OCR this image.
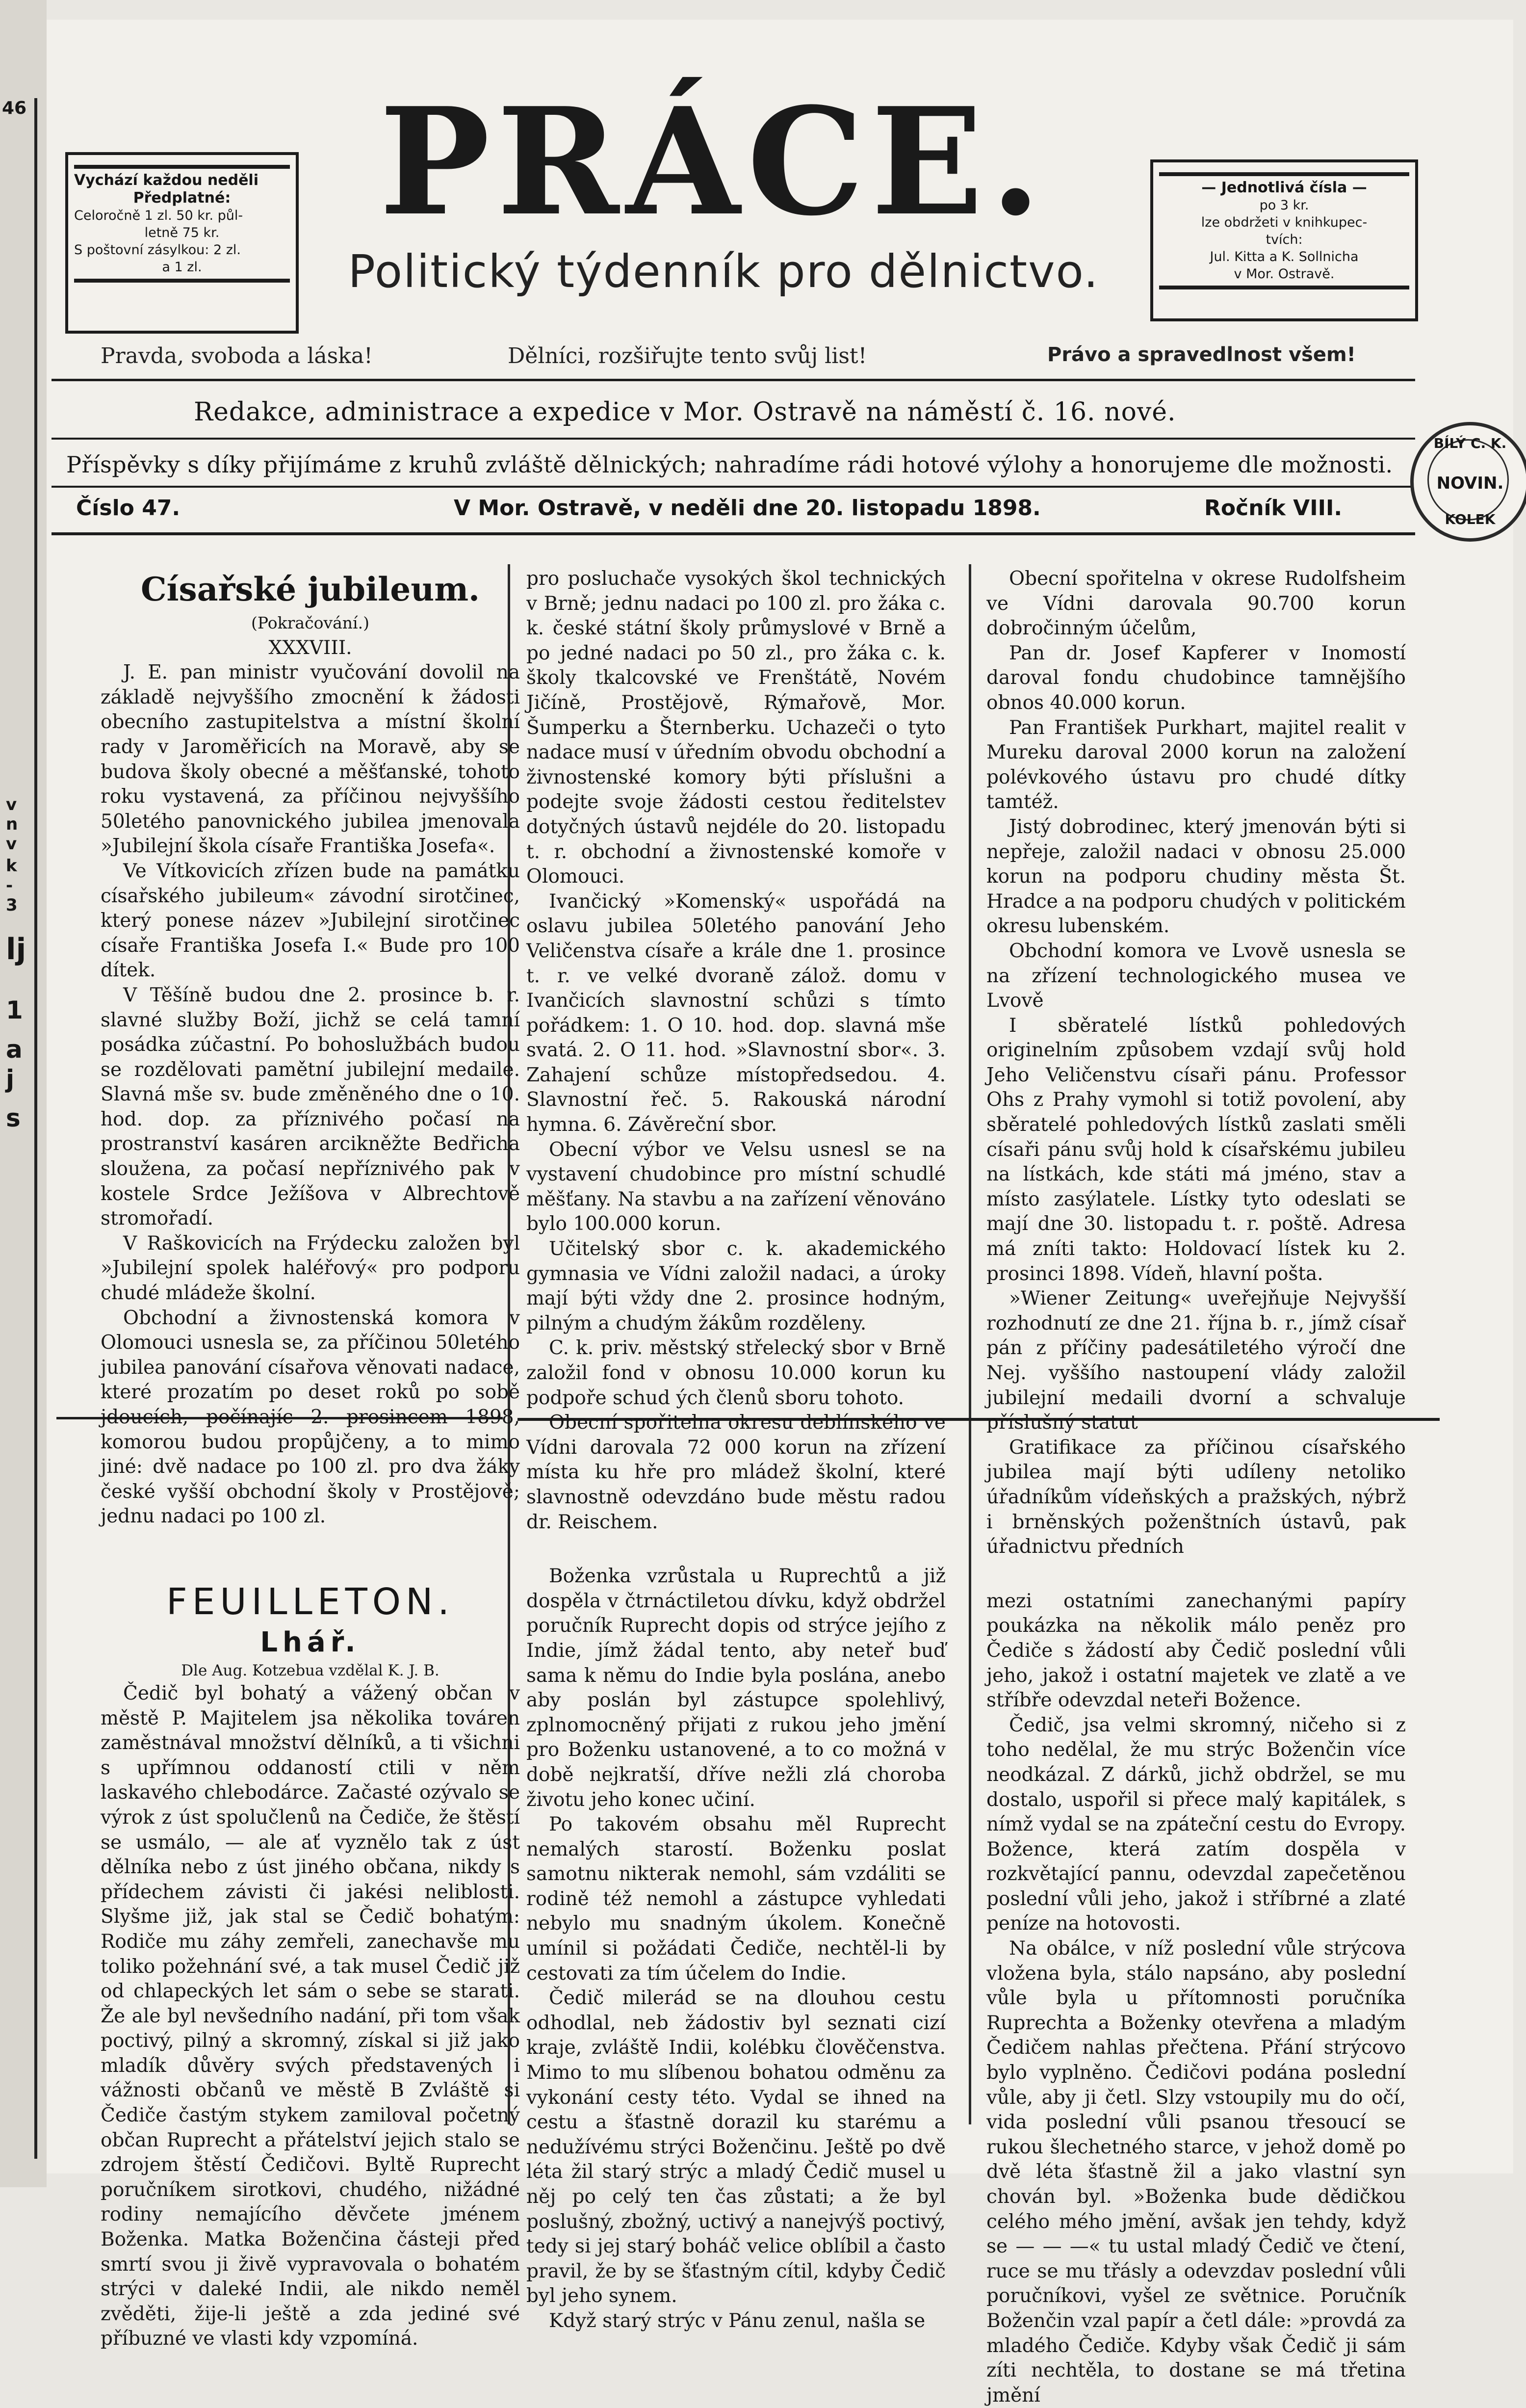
46
v
n
v
k
-
3
lj
1
a
j
s
PRÁCE.
Politický týdenník pro dělnictvo.
Vychází každou neděli
Předplatné:
Celoročně 1 zl. 50 kr. půl-
letně 75 kr.
S poštovní zásylkou: 2 zl.
a 1 zl.
— Jednotlivá čísla —
po 3 kr.
lze obdržeti v knihkupec-
tvích:
Jul. Kitta a K. Sollnicha
v Mor. Ostravě.
Pravda, svoboda a láska!	Dělníci, rozšiřujte tento svůj list!	Právo a spravedlnost všem!
Redakce, administrace a expedice v Mor. Ostravě na náměstí č. 16. nové.
Příspěvky s díky přijímáme z kruhů zvláště dělnických; nahradíme rádi hotové výlohy a honorujeme dle možnosti.
Číslo 47.	V Mor. Ostravě, v neděli dne 20. listopadu 1898.	Ročník VIII.
BÍLÝ C. K.
NOVIN.
KOLEK
Císařské jubileum.

(Pokračování.)

XXXVIII.

J. E. pan ministr vyučování dovolil na základě nejvyššího zmocnění k žádosti obecního zastupitelstva a místní školní rady v Jaroměřicích na Moravě, aby se budova školy obecné a měšťanské, tohoto roku vystavená, za příčinou nejvyššího 50letého panovnického jubilea jmenovala »Jubilejní škola císaře Františka Josefa«.

Ve Vítkovicích zřízen bude na památku císařského jubileum« závodní sirotčinec, který ponese název »Jubilejní sirotčinec císaře Františka Josefa I.« Bude pro 100 dítek.

V Těšíně budou dne 2. prosince b. r. slavné služby Boží, jichž se celá tamní posádka zúčastní. Po bohoslužbách budou se rozdělovati pamětní jubilejní medaile. Slavná mše sv. bude změněného dne o 10. hod. dop. za příznivého počasí na prostranství kasáren arcikněžte Bedřicha sloužena, za počasí nepříznivého pak v kostele Srdce Ježíšova v Albrechtově stromořadí.

V Raškovicích na Frýdecku založen byl »Jubilejní spolek haléřový« pro podporu chudé mládeže školní.

Obchodní a živnostenská komora v Olomouci usnesla se, za příčinou 50letého jubilea panování císařova věnovati nadace, které prozatím po deset roků po sobě jdoucích, počínajíc 2. prosincem 1898, komorou budou propůjčeny, a to mimo jiné: dvě nadace po 100 zl. pro dva žáky české vyšší obchodní školy v Prostějově; jednu nadaci po 100 zl.

FEUILLETON.
Lhář.
Dle Aug. Kotzebua vzdělal K. J. B.

Čedič byl bohatý a vážený občan v městě P. Majitelem jsa několika továren zaměstnával množství dělníků, a ti všichni s upřímnou oddaností ctili v něm laskavého chlebodárce. Začasté ozývalo se výrok z úst spolučlenů na Čediče, že štěstí se usmálo, — ale ať vyznělo tak z úst dělníka nebo z úst jiného občana, nikdy s přídechem závisti či jakési neliblosti. Slyšme již, jak stal se Čedič bohatým: Rodiče mu záhy zemřeli, zanechavše mu toliko požehnání své, a tak musel Čedič již od chlapeckých let sám o sebe se starati. Že ale byl nevšedního nadání, při tom však poctivý, pilný a skromný, získal si již jako mladík důvěry svých představených i vážnosti občanů ve městě B Zvláště si Čediče častým stykem zamiloval početný občan Ruprecht a přátelství jejich stalo se zdrojem štěstí Čedičovi. Byltě Ruprecht poručníkem sirotkovi, chudého, nižádné rodiny nemajícího děvčete jménem Boženka. Matka Boženčina částeji před smrtí svou ji živě vypravovala o bohatém strýci v daleké Indii, ale nikdo neměl zvěděti, žije-li ještě a zda jediné své příbuzné ve vlasti kdy vzpomíná.

pro posluchače vysokých škol technických v Brně; jednu nadaci po 100 zl. pro žáka c. k. české státní školy průmyslové v Brně a po jedné nadaci po 50 zl., pro žáka c. k. školy tkalcovské ve Frenštátě, Novém Jičíně, Prostějově, Rýmařově, Mor. Šumperku a Šternberku. Uchazeči o tyto nadace musí v úředním obvodu obchodní a živnostenské komory býti příslušni a podejte svoje žádosti cestou ředitelstev dotyčných ústavů nejdéle do 20. listopadu t. r. obchodní a živnostenské komoře v Olomouci.

Ivančický »Komenský« uspořádá na oslavu jubilea 50letého panování Jeho Veličenstva císaře a krále dne 1. prosince t. r. ve velké dvoraně zálož. domu v Ivančicích slavnostní schůzi s tímto pořádkem: 1. O 10. hod. dop. slavná mše svatá. 2. O 11. hod. »Slavnostní sbor«. 3. Zahajení schůze místopředsedou. 4. Slavnostní řeč. 5. Rakouská národní hymna. 6. Závěreční sbor.

Obecní výbor ve Velsu usnesl se na vystavení chudobince pro místní schudlé měšťany. Na stavbu a na zařízení věnováno bylo 100.000 korun.

Učitelský sbor c. k. akademického gymnasia ve Vídni založil nadaci, a úroky mají býti vždy dne 2. prosince hodným, pilným a chudým žákům rozděleny.

C. k. priv. městský střelecký sbor v Brně založil fond v obnosu 10.000 korun ku podpoře schud ých členů sboru tohoto.

Obecní spořitelna okresu deblínského ve Vídni darovala 72 000 korun na zřízení místa ku hře pro mládež školní, které slavnostně odevzdáno bude městu radou dr. Reischem.

Boženka vzrůstala u Ruprechtů a již dospěla v čtrnáctiletou dívku, když obdržel poručník Ruprecht dopis od strýce jejího z Indie, jímž žádal tento, aby neteř buď sama k němu do Indie byla poslána, anebo aby poslán byl zástupce spolehlivý, zplnomocněný přijati z rukou jeho jmění pro Boženku ustanovené, a to co možná v době nejkratší, dříve nežli zlá choroba životu jeho konec učiní.

Po takovém obsahu měl Ruprecht nemalých starostí. Boženku poslat samotnu nikterak nemohl, sám vzdáliti se rodině též nemohl a zástupce vyhledati nebylo mu snadným úkolem. Konečně umínil si požádati Čediče, nechtěl-li by cestovati za tím účelem do Indie.

Čedič milerád se na dlouhou cestu odhodlal, neb žádostiv byl seznati cizí kraje, zvláště Indii, kolébku člověčenstva. Mimo to mu slíbenou bohatou odměnu za vykonání cesty této. Vydal se ihned na cestu a šťastně dorazil ku starému a nedužívému strýci Boženčinu. Ještě po dvě léta žil starý strýc a mladý Čedič musel u něj po celý ten čas zůstati; a že byl poslušný, zbožný, uctivý a nanejvýš poctivý, tedy si jej starý boháč velice oblíbil a často pravil, že by se šťastným cítil, kdyby Čedič byl jeho synem.

Když starý strýc v Pánu zenul, našla se

Obecní spořitelna v okrese Rudolfsheim ve Vídni darovala 90.700 korun dobročinným účelům,

Pan dr. Josef Kapferer v Inomostí daroval fondu chudobince tamnějšího obnos 40.000 korun.

Pan František Purkhart, majitel realit v Mureku daroval 2000 korun na založení polévkového ústavu pro chudé dítky tamtéž.

Jistý dobrodinec, který jmenován býti si nepřeje, založil nadaci v obnosu 25.000 korun na podporu chudiny města Št. Hradce a na podporu chudých v politickém okresu lubenském.

Obchodní komora ve Lvově usnesla se na zřízení technologického musea ve Lvově

I sběratelé lístků pohledových originelním způsobem vzdají svůj hold Jeho Veličenstvu císaři pánu. Professor Ohs z Prahy vymohl si totiž povolení, aby sběratelé pohledových lístků zaslati směli císaři pánu svůj hold k císařskému jubileu na lístkách, kde státi má jméno, stav a místo zasýlatele. Lístky tyto odeslati se mají dne 30. listopadu t. r. poště. Adresa má zníti takto: Holdovací lístek ku 2. prosinci 1898. Vídeň, hlavní pošta.

»Wiener Zeitung« uveřejňuje Nejvyšší rozhodnutí ze dne 21. října b. r., jímž císař pán z příčiny padesátiletého výročí dne Nej. vyššího nastoupení vlády založil jubilejní medaili dvorní a schvaluje příslušný statut

Gratifikace za příčinou císařského jubilea mají býti udíleny netoliko úřadníkům vídeňských a pražských, nýbrž i brněnských poženštních ústavů, pak úřadnictvu předních

mezi ostatními zanechanými papíry poukázka na několik málo peněz pro Čediče s žádostí aby Čedič poslední vůli jeho, jakož i ostatní majetek ve zlatě a ve stříbře odevzdal neteři Božence.

Čedič, jsa velmi skromný, ničeho si z toho nedělal, že mu strýc Boženčin více neodkázal. Z dárků, jichž obdržel, se mu dostalo, uspořil si přece malý kapitálek, s nímž vydal se na zpáteční cestu do Evropy. Božence, která zatím dospěla v rozkvětající pannu, odevzdal zapečetěnou poslední vůli jeho, jakož i stříbrné a zlaté peníze na hotovosti.

Na obálce, v níž poslední vůle strýcova vložena byla, stálo napsáno, aby poslední vůle byla u přítomnosti poručníka Ruprechta a Boženky otevřena a mladým Čedičem nahlas přečtena. Přání strýcovo bylo vyplněno. Čedičovi podána poslední vůle, aby ji četl. Slzy vstoupily mu do očí, vida poslední vůli psanou třesoucí se rukou šlechetného starce, v jehož domě po dvě léta šťastně žil a jako vlastní syn chován byl. »Boženka bude dědičkou celého mého jmění, avšak jen tehdy, když se — — —« tu ustal mladý Čedič ve čtení, ruce se mu třásly a odevzdav poslední vůli poručníkovi, vyšel ze světnice. Poručník Boženčin vzal papír a četl dále: »provdá za mladého Čediče. Kdyby však Čedič ji sám zíti nechtěla, to dostane se má třetina jmění
